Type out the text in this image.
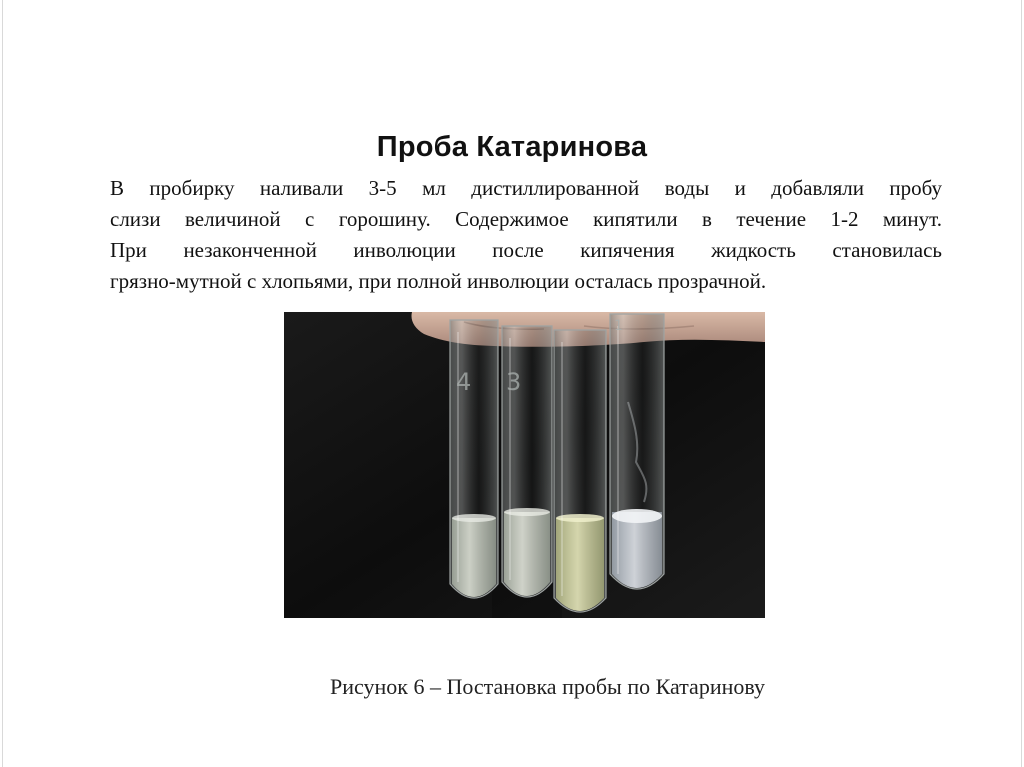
Проба Катаринова
В пробирку наливали 3-5 мл дистиллированной воды и добавляли пробу
слизи величиной с горошину. Содержимое кипятили в течение 1-2 минут.
При незаконченной инволюции после кипячения жидкость становилась
грязно-мутной с хлопьями, при полной инволюции осталась прозрачной.
4 3
1
Рисунок 6 – Постановка пробы по Катаринову
